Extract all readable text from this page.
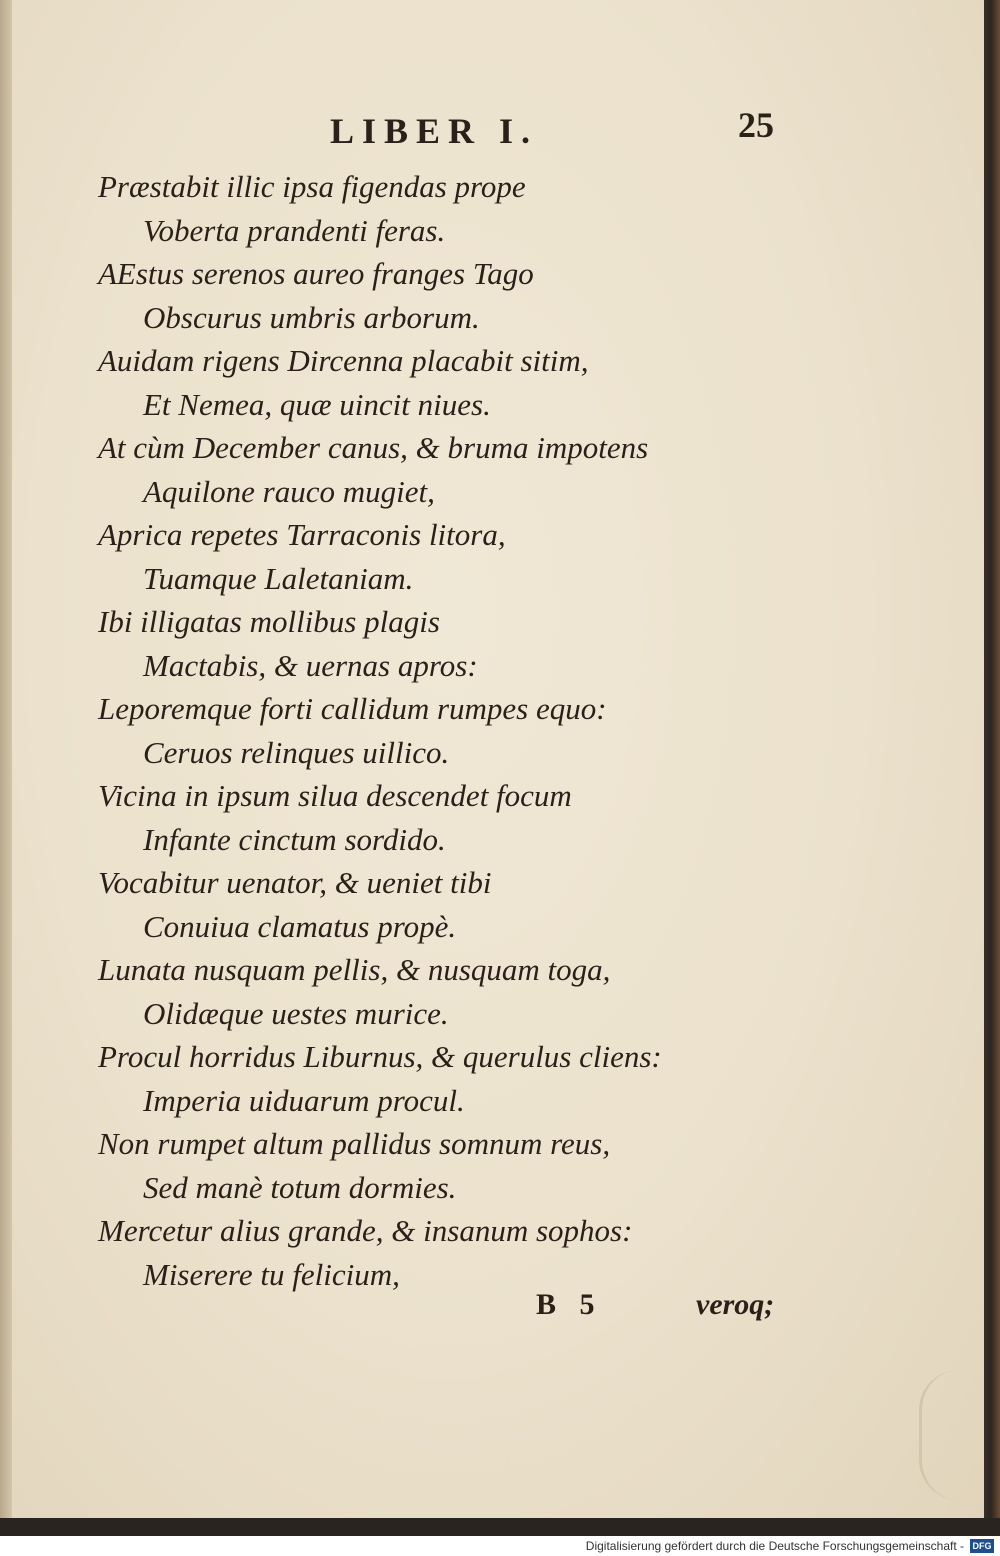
LIBER I.	25
Præstabit illic ipsa figendas prope
Voberta prandenti feras.
AEstus serenos aureo franges Tago
Obscurus umbris arborum.
Auidam rigens Dircenna placabit sitim,
Et Nemea, quæ uincit niues.
At cùm December canus, & bruma impotens
Aquilone rauco mugiet,
Aprica repetes Tarraconis litora,
Tuamque Laletaniam.
Ibi illigatas mollibus plagis
Mactabis, & uernas apros:
Leporemque forti callidum rumpes equo:
Ceruos relinques uillico.
Vicina in ipsum silua descendet focum
Infante cinctum sordido.
Vocabitur uenator, & ueniet tibi
Conuiua clamatus propè.
Lunata nusquam pellis, & nusquam toga,
Olidæque uestes murice.
Procul horridus Liburnus, & querulus cliens:
Imperia uiduarum procul.
Non rumpet altum pallidus somnum reus,
Sed manè totum dormies.
Mercetur alius grande, & insanum sophos:
Miserere tu felicium,
B 5	veroq;
Digitalisierung gefördert durch die Deutsche Forschungsgemeinschaft - DFG
